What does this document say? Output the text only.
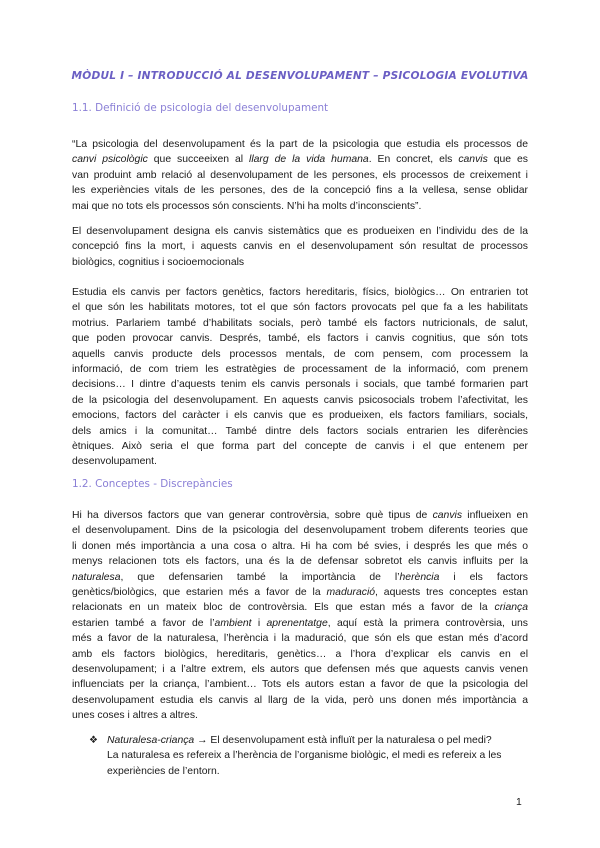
MÒDUL I – INTRODUCCIÓ AL DESENVOLUPAMENT – PSICOLOGIA EVOLUTIVA
1.1. Definició de psicologia del desenvolupament
“La psicologia del desenvolupament és la part de la psicologia que estudia els processos de
canvi psicològic que succeeixen al llarg de la vida humana. En concret, els canvis que es
van produint amb relació al desenvolupament de les persones, els processos de creixement i
les experiències vitals de les persones, des de la concepció fins a la vellesa, sense oblidar
mai que no tots els processos són conscients. N’hi ha molts d’inconscients”.
El desenvolupament designa els canvis sistemàtics que es produeixen en l’individu des de la
concepció fins la mort, i aquests canvis en el desenvolupament són resultat de processos
biològics, cognitius i socioemocionals
Estudia els canvis per factors genètics, factors hereditaris, físics, biològics… On entrarien tot
el que són les habilitats motores, tot el que són factors provocats pel que fa a les habilitats
motrius. Parlariem també d’habilitats socials, però també els factors nutricionals, de salut,
que poden provocar canvis. Després, també, els factors i canvis cognitius, que són tots
aquells canvis producte dels processos mentals, de com pensem, com processem la
informació, de com triem les estratègies de processament de la informació, com prenem
decisions… I dintre d’aquests tenim els canvis personals i socials, que també formarien part
de la psicologia del desenvolupament. En aquests canvis psicosocials trobem l’afectivitat, les
emocions, factors del caràcter i els canvis que es produeixen, els factors familiars, socials,
dels amics i la comunitat… També dintre dels factors socials entrarien les diferències
ètniques. Això seria el que forma part del concepte de canvis i el que entenem per
desenvolupament.
1.2. Conceptes - Discrepàncies
Hi ha diversos factors que van generar controvèrsia, sobre què tipus de canvis influeixen en
el desenvolupament. Dins de la psicologia del desenvolupament trobem diferents teories que
li donen més importància a una cosa o altra. Hi ha com bé svies, i després les que més o
menys relacionen tots els factors, una és la de defensar sobretot els canvis influits per la
naturalesa, que defensarien també la importància de l’herència i els factors
genètics/biològics, que estarien més a favor de la maduració, aquests tres conceptes estan
relacionats en un mateix bloc de controvèrsia. Els que estan més a favor de la criança
estarien també a favor de l’ambient i aprenentatge, aquí està la primera controvèrsia, uns
més a favor de la naturalesa, l’herència i la maduració, que són els que estan més d’acord
amb els factors biològics, hereditaris, genètics… a l’hora d’explicar els canvis en el
desenvolupament; i a l’altre extrem, els autors que defensen més que aquests canvis venen
influenciats per la criança, l’ambient… Tots els autors estan a favor de que la psicologia del
desenvolupament estudia els canvis al llarg de la vida, però uns donen més importància a
unes coses i altres a altres.
❖ Naturalesa-criança → El desenvolupament està influït per la naturalesa o pel medi?
La naturalesa es refereix a l’herència de l’organisme biològic, el medi es refereix a les
experiències de l’entorn.
1
